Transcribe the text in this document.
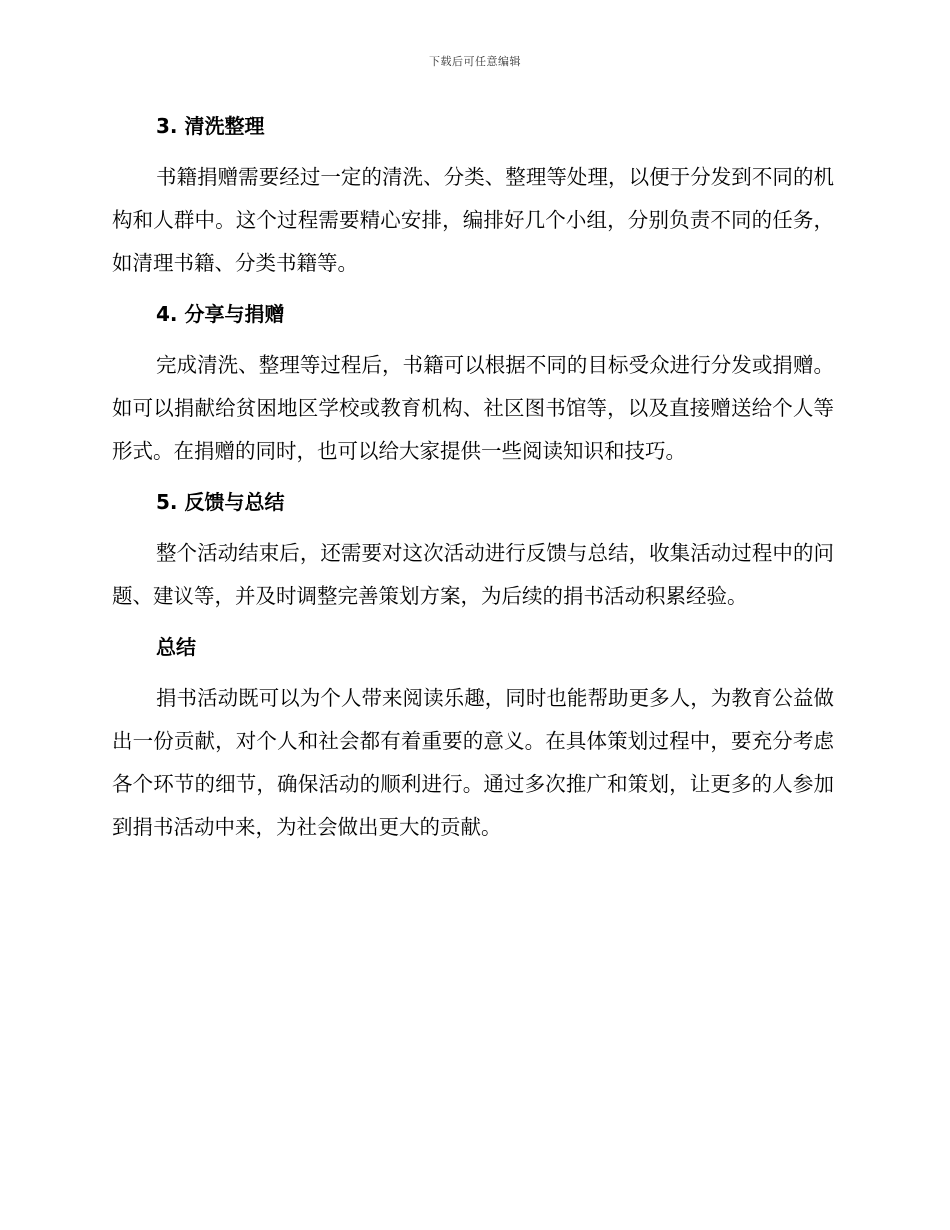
下载后可任意编辑
3. 清洗整理

书籍捐赠需要经过一定的清洗、分类、整理等处理，以便于分发到不同的机构和人群中。这个过程需要精心安排，编排好几个小组，分别负责不同的任务，如清理书籍、分类书籍等。

4. 分享与捐赠

完成清洗、整理等过程后，书籍可以根据不同的目标受众进行分发或捐赠。如可以捐献给贫困地区学校或教育机构、社区图书馆等，以及直接赠送给个人等形式。在捐赠的同时，也可以给大家提供一些阅读知识和技巧。

5. 反馈与总结

整个活动结束后，还需要对这次活动进行反馈与总结，收集活动过程中的问题、建议等，并及时调整完善策划方案，为后续的捐书活动积累经验。

总结

捐书活动既可以为个人带来阅读乐趣，同时也能帮助更多人，为教育公益做出一份贡献，对个人和社会都有着重要的意义。在具体策划过程中，要充分考虑各个环节的细节，确保活动的顺利进行。通过多次推广和策划，让更多的人参加到捐书活动中来，为社会做出更大的贡献。
